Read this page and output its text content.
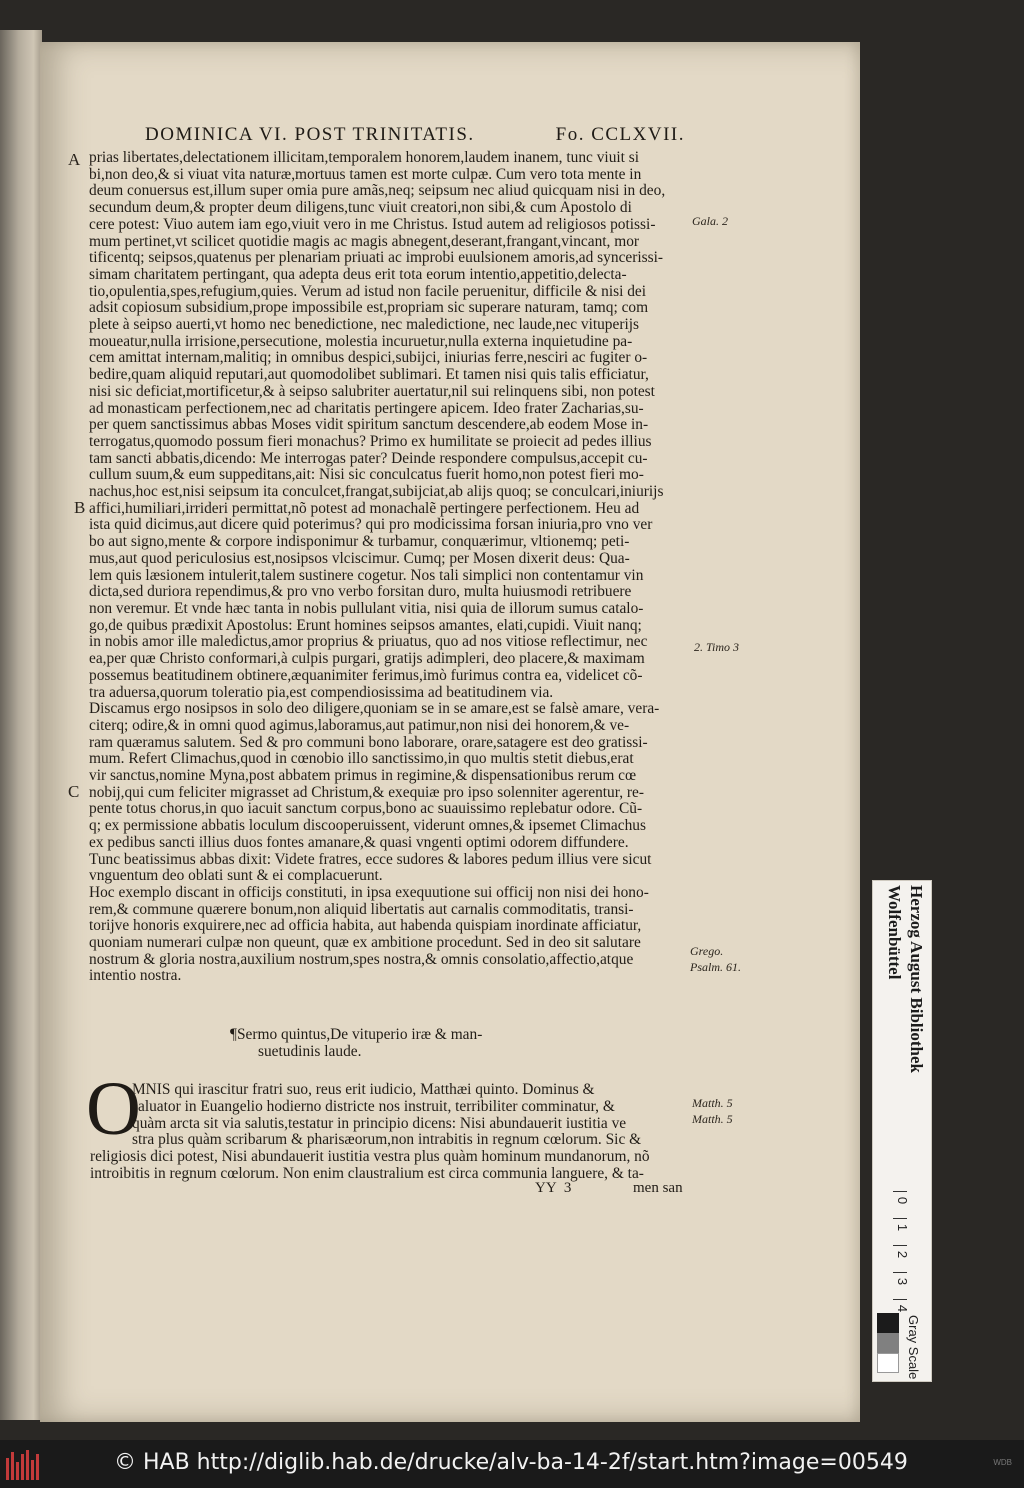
DOMINICA VI. POST TRINITATIS.	Fo. CCLXVII.
A
B
C
prias libertates,delectationem illicitam,temporalem honorem,laudem inanem, tunc viuit si
bi,non deo,& si viuat vita naturæ,mortuus tamen est morte culpæ. Cum vero tota mente in
deum conuersus est,illum super omia pure amãs,neq; seipsum nec aliud quicquam nisi in deo,
secundum deum,& propter deum diligens,tunc viuit creatori,non sibi,& cum Apostolo di
cere potest: Viuo autem iam ego,viuit vero in me Christus. Istud autem ad religiosos potissi-
mum pertinet,vt scilicet quotidie magis ac magis abnegent,deserant,frangant,vincant, mor
tificentq; seipsos,quatenus per plenariam priuati ac improbi euulsionem amoris,ad syncerissi-
simam charitatem pertingant, qua adepta deus erit tota eorum intentio,appetitio,delecta-
tio,opulentia,spes,refugium,quies. Verum ad istud non facile peruenitur, difficile & nisi dei
adsit copiosum subsidium,prope impossibile est,propriam sic superare naturam, tamq; com
plete à seipso auerti,vt homo nec benedictione, nec maledictione, nec laude,nec vituperijs
moueatur,nulla irrisione,persecutione, molestia incuruetur,nulla externa inquietudine pa-
cem amittat internam,malitiq; in omnibus despici,subijci, iniurias ferre,nesciri ac fugiter o-
bedire,quam aliquid reputari,aut quomodolibet sublimari. Et tamen nisi quis talis efficiatur,
nisi sic deficiat,mortificetur,& à seipso salubriter auertatur,nil sui relinquens sibi, non potest
ad monasticam perfectionem,nec ad charitatis pertingere apicem. Ideo frater Zacharias,su-
per quem sanctissimus abbas Moses vidit spiritum sanctum descendere,ab eodem Mose in-
terrogatus,quomodo possum fieri monachus? Primo ex humilitate se proiecit ad pedes illius
tam sancti abbatis,dicendo: Me interrogas pater? Deinde respondere compulsus,accepit cu-
cullum suum,& eum suppeditans,ait: Nisi sic conculcatus fuerit homo,non potest fieri mo-
nachus,hoc est,nisi seipsum ita conculcet,frangat,subijciat,ab alijs quoq; se conculcari,iniurijs
affici,humiliari,irrideri permittat,nõ potest ad monachalẽ pertingere perfectionem. Heu ad
ista quid dicimus,aut dicere quid poterimus? qui pro modicissima forsan iniuria,pro vno ver
bo aut signo,mente & corpore indisponimur & turbamur, conquærimur, vltionemq; peti-
mus,aut quod periculosius est,nosipsos vlciscimur. Cumq; per Mosen dixerit deus: Qua-
lem quis læsionem intulerit,talem sustinere cogetur. Nos tali simplici non contentamur vin
dicta,sed duriora rependimus,& pro vno verbo forsitan duro, multa huiusmodi retribuere
non veremur. Et vnde hæc tanta in nobis pullulant vitia, nisi quia de illorum sumus catalo-
go,de quibus prædixit Apostolus: Erunt homines seipsos amantes, elati,cupidi. Viuit nanq;
in nobis amor ille maledictus,amor proprius & priuatus, quo ad nos vitiose reflectimur, nec
ea,per quæ Christo conformari,à culpis purgari, gratijs adimpleri, deo placere,& maximam
possemus beatitudinem obtinere,æquanimiter ferimus,imò furimus contra ea, videlicet cõ-
tra aduersa,quorum toleratio pia,est compendiosissima ad beatitudinem via.
Discamus ergo nosipsos in solo deo diligere,quoniam se in se amare,est se falsè amare, vera-
citerq; odire,& in omni quod agimus,laboramus,aut patimur,non nisi dei honorem,& ve-
ram quæramus salutem. Sed & pro communi bono laborare, orare,satagere est deo gratissi-
mum. Refert Climachus,quod in cœnobio illo sanctissimo,in quo multis stetit diebus,erat
vir sanctus,nomine Myna,post abbatem primus in regimine,& dispensationibus rerum cœ
nobij,qui cum feliciter migrasset ad Christum,& exequiæ pro ipso solenniter agerentur, re-
pente totus chorus,in quo iacuit sanctum corpus,bono ac suauissimo replebatur odore. Cũ-
q; ex permissione abbatis loculum discooperuissent, viderunt omnes,& ipsemet Climachus
ex pedibus sancti illius duos fontes amanare,& quasi vngenti optimi odorem diffundere.
Tunc beatissimus abbas dixit: Videte fratres, ecce sudores & labores pedum illius vere sicut
vnguentum deo oblati sunt & ei complacuerunt.
Hoc exemplo discant in officijs constituti, in ipsa exequutione sui officij non nisi dei hono-
rem,& commune quærere bonum,non aliquid libertatis aut carnalis commoditatis, transi-
torijve honoris exquirere,nec ad officia habita, aut habenda quispiam inordinate afficiatur,
quoniam numerari culpæ non queunt, quæ ex ambitione procedunt. Sed in deo sit salutare
nostrum & gloria nostra,auxilium nostrum,spes nostra,& omnis consolatio,affectio,atque
intentio nostra.
Gala. 2
2. Timo 3
Grego.
Psalm. 61.
¶Sermo quintus,De vituperio iræ & man-
suetudinis laude.
O
MNIS qui irascitur fratri suo, reus erit iudicio, Matthæi quinto. Dominus &
saluator in Euangelio hodierno districte nos instruit, terribiliter comminatur, &
quàm arcta sit via salutis,testatur in principio dicens: Nisi abundauerit iustitia ve
stra plus quàm scribarum & pharisæorum,non intrabitis in regnum cœlorum. Sic &
religiosis dici potest, Nisi abundauerit iustitia vestra plus quàm hominum mundanorum, nõ
introibitis in regnum cœlorum. Non enim claustralium est circa communia languere, & ta-
Matth. 5
Matth. 5
YY 3	men san
Herzog August Bibliothek
Wolfenbüttel
0
1
2
3
4
Gray Scale
© HAB http://diglib.hab.de/drucke/alv-ba-14-2f/start.htm?image=00549	WDB
